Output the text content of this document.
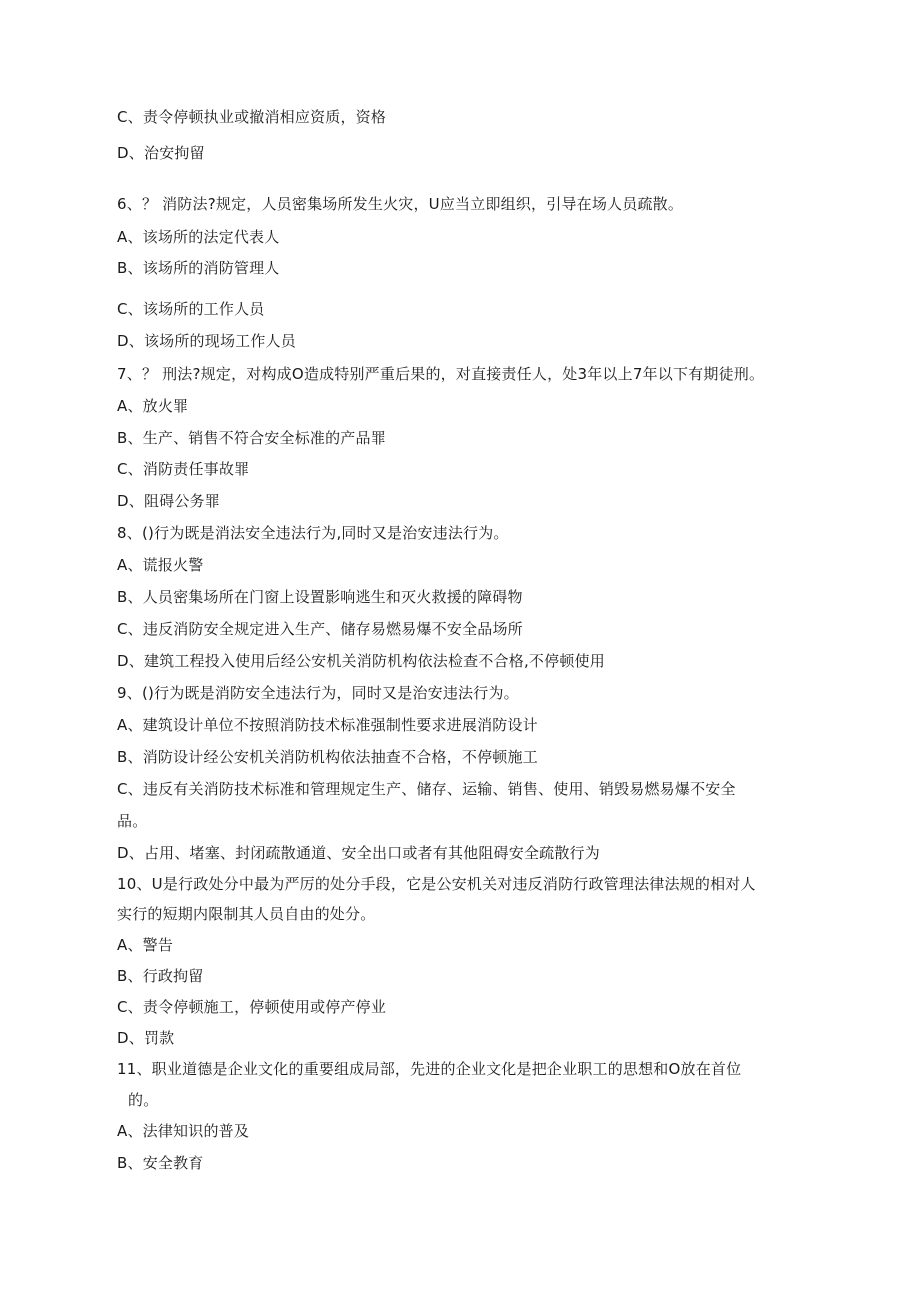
C、责令停顿执业或撤消相应资质，资格
D、治安拘留
6、？ 消防法?规定，人员密集场所发生火灾，U应当立即组织，引导在场人员疏散。
A、该场所的法定代表人
B、该场所的消防管理人
C、该场所的工作人员
D、该场所的现场工作人员
7、？ 刑法?规定，对构成O造成特别严重后果的，对直接责任人，处3年以上7年以下有期徒刑。
A、放火罪
B、生产、销售不符合安全标准的产品罪
C、消防责任事故罪
D、阻碍公务罪
8、()行为既是消法安全违法行为,同时又是治安违法行为。
A、谎报火警
B、人员密集场所在门窗上设置影响逃生和灭火救援的障碍物
C、违反消防安全规定进入生产、储存易燃易爆不安全品场所
D、建筑工程投入使用后经公安机关消防机构依法检查不合格,不停顿使用
9、()行为既是消防安全违法行为，同时又是治安违法行为。
A、建筑设计单位不按照消防技术标准强制性要求进展消防设计
B、消防设计经公安机关消防机构依法抽查不合格，不停顿施工
C、违反有关消防技术标准和管理规定生产、储存、运输、销售、使用、销毁易燃易爆不安全
品。
D、占用、堵塞、封闭疏散通道、安全出口或者有其他阻碍安全疏散行为
10、U是行政处分中最为严厉的处分手段，它是公安机关对违反消防行政管理法律法规的相对人
实行的短期内限制其人员自由的处分。
A、警告
B、行政拘留
C、责令停顿施工，停顿使用或停产停业
D、罚款
11、职业道德是企业文化的重要组成局部，先进的企业文化是把企业职工的思想和O放在首位
的。
A、法律知识的普及
B、安全教育
